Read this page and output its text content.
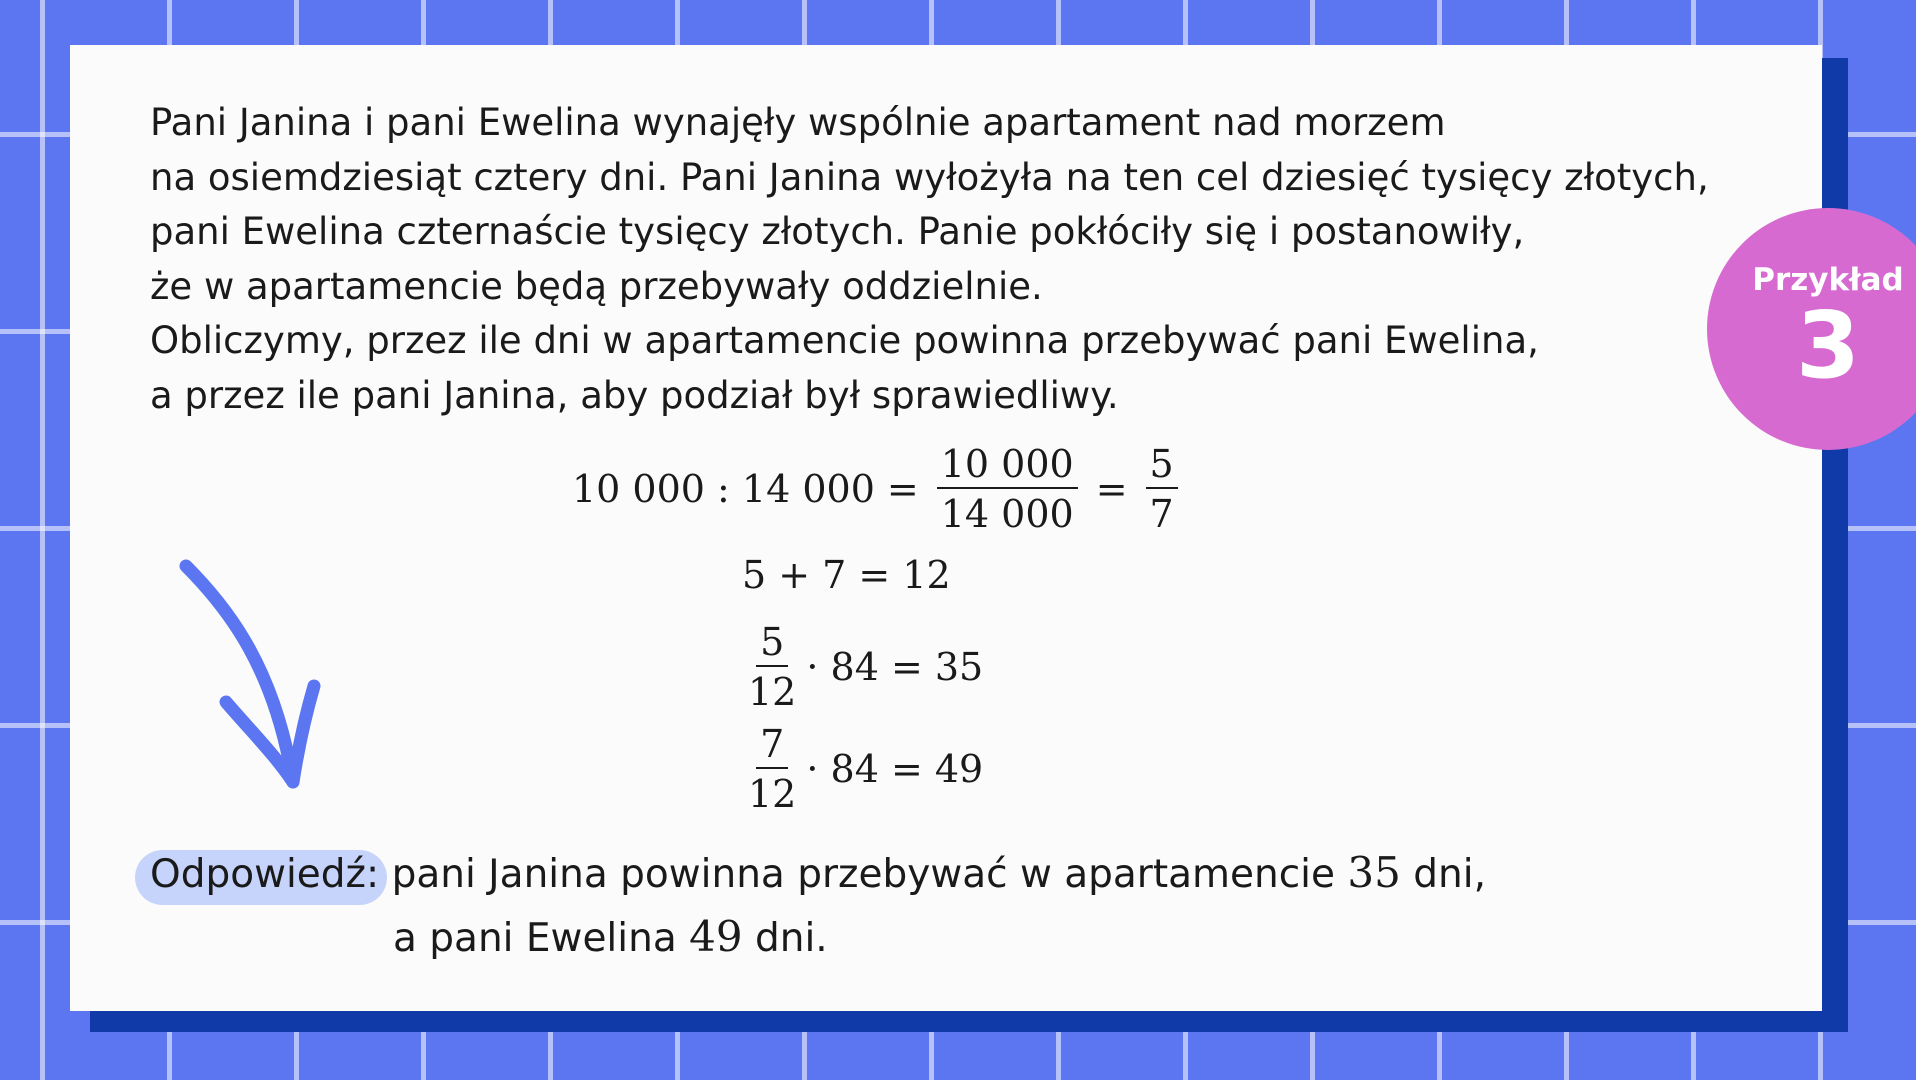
Pani Janina i pani Ewelina wynajęły wspólnie apartament nad morzem
na osiemdziesiąt cztery dni. Pani Janina wyłożyła na ten cel dziesięć tysięcy złotych,
pani Ewelina czternaście tysięcy złotych. Panie pokłóciły się i postanowiły,
że w apartamencie będą przebywały oddzielnie.
Obliczymy, przez ile dni w apartamencie powinna przebywać pani Ewelina,
a przez ile pani Janina, aby podział był sprawiedliwy.
Przykład
3
10 000 : 14 $000 = \frac{10 000}{14 000} = \frac{5}{7}$
5 + 7 = 12
$\frac{5}{12} \cdot 84 = 35$
$\frac{7}{12} \cdot 84 = 49$
Odpowiedź: pani Janina powinna przebywać w apartamencie 35 dni,
a pani Ewelina 49 dni.
